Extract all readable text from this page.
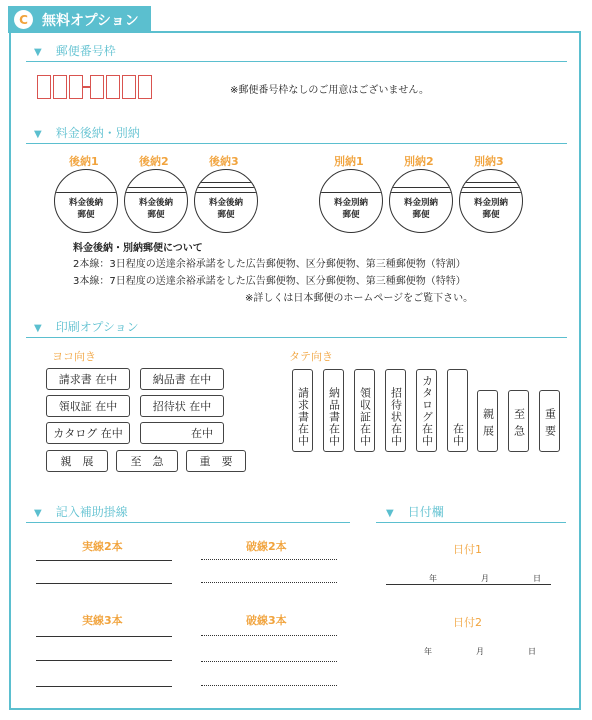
C	無料オプション
▼ 郵便番号枠
※郵便番号枠なしのご用意はございません。
▼ 料金後納・別納
後納1	後納2	後納3	別納1	別納2	別納3
料金後納
郵便
料金後納
郵便
料金後納
郵便
料金別納
郵便
料金別納
郵便
料金別納
郵便
料金後納・別納郵便について
2本線：3日程度の送達余裕承諾をした広告郵便物、区分郵便物、第三種郵便物（特割）
3本線：7日程度の送達余裕承諾をした広告郵便物、区分郵便物、第三種郵便物（特特）
※詳しくは日本郵便のホームページをご覧下さい。
▼ 印刷オプション
ヨコ向き	タテ向き
請求書 在中	納品書 在中
領収証 在中	招待状 在中
カタログ 在中	在中
親　展	至　急	重　要
請求書在中 納品書在中 領収証在中 招待状在中 カタログ在中 在中 親展 至急 重要
▼ 記入補助掛線
実線2本	破線2本
実線3本	破線3本
▼ 日付欄
日付1
年	月	日
日付2
年	月	日
